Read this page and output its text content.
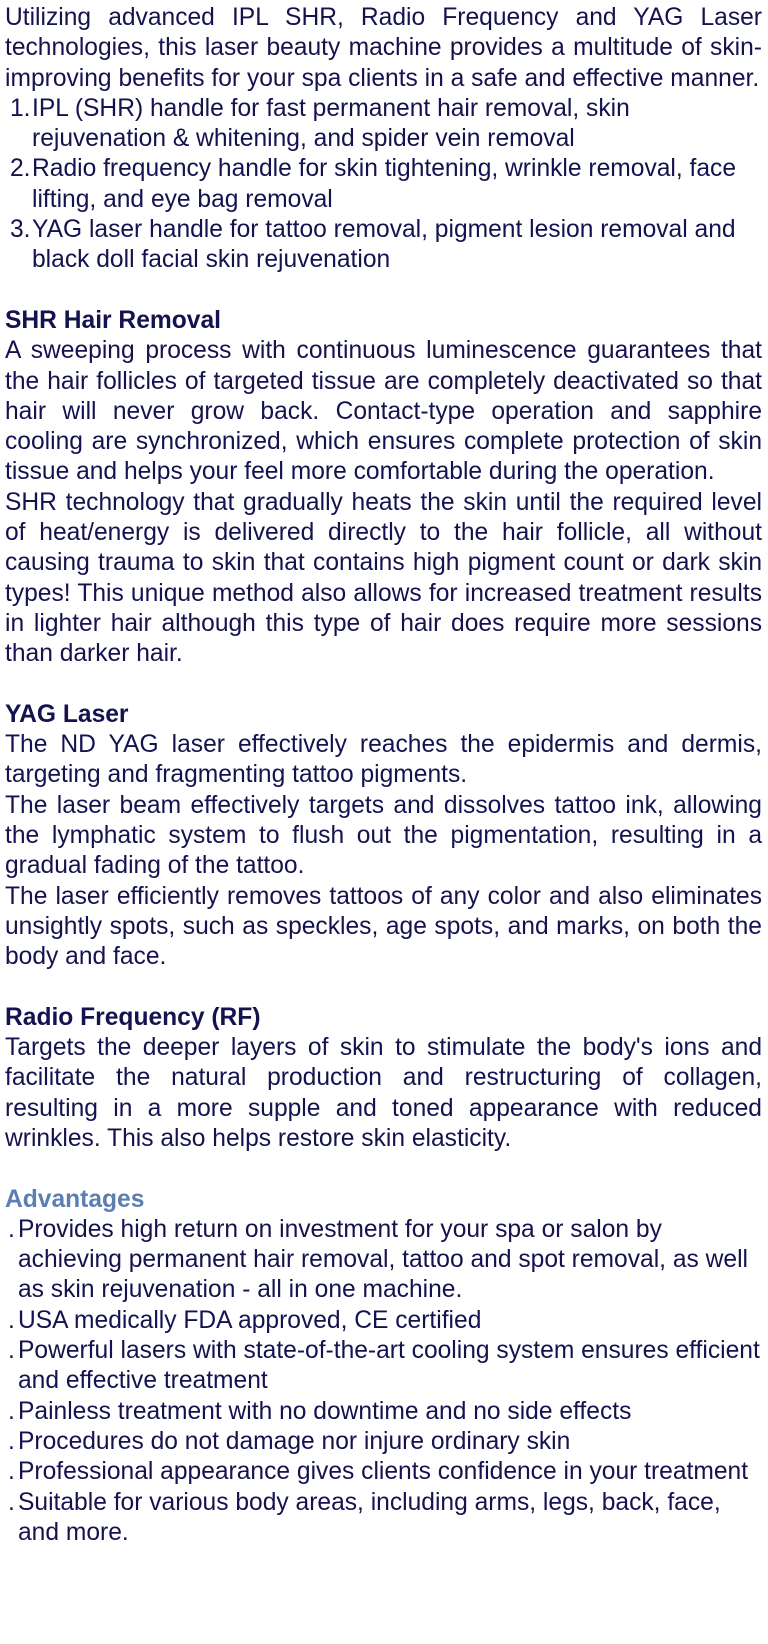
Utilizing advanced IPL SHR, Radio Frequency and YAG Laser technologies, this laser beauty machine provides a multitude of skin-improving benefits for your spa clients in a safe and effective manner.

1. IPL (SHR) handle for fast permanent hair removal, skin rejuvenation & whitening, and spider vein removal
2. Radio frequency handle for skin tightening, wrinkle removal, face lifting, and eye bag removal
3. YAG laser handle for tattoo removal, pigment lesion removal and black doll facial skin rejuvenation

SHR Hair Removal

A sweeping process with continuous luminescence guarantees that the hair follicles of targeted tissue are completely deactivated so that hair will never grow back. Contact-type operation and sapphire cooling are synchronized, which ensures complete protection of skin tissue and helps your feel more comfortable during the operation.

SHR technology that gradually heats the skin until the required level of heat/energy is delivered directly to the hair follicle, all without causing trauma to skin that contains high pigment count or dark skin types! This unique method also allows for increased treatment results in lighter hair although this type of hair does require more sessions than darker hair.

YAG Laser

The ND YAG laser effectively reaches the epidermis and dermis, targeting and fragmenting tattoo pigments.

The laser beam effectively targets and dissolves tattoo ink, allowing the lymphatic system to flush out the pigmentation, resulting in a gradual fading of the tattoo.

The laser efficiently removes tattoos of any color and also eliminates unsightly spots, such as speckles, age spots, and marks, on both the body and face.

Radio Frequency (RF)

Targets the deeper layers of skin to stimulate the body's ions and facilitate the natural production and restructuring of collagen, resulting in a more supple and toned appearance with reduced wrinkles. This also helps restore skin elasticity.

Advantages

. Provides high return on investment for your spa or salon by achieving permanent hair removal, tattoo and spot removal, as well as skin rejuvenation - all in one machine.
. USA medically FDA approved, CE certified
. Powerful lasers with state-of-the-art cooling system ensures efficient and effective treatment
. Painless treatment with no downtime and no side effects
. Procedures do not damage nor injure ordinary skin
. Professional appearance gives clients confidence in your treatment
. Suitable for various body areas, including arms, legs, back, face, and more.
